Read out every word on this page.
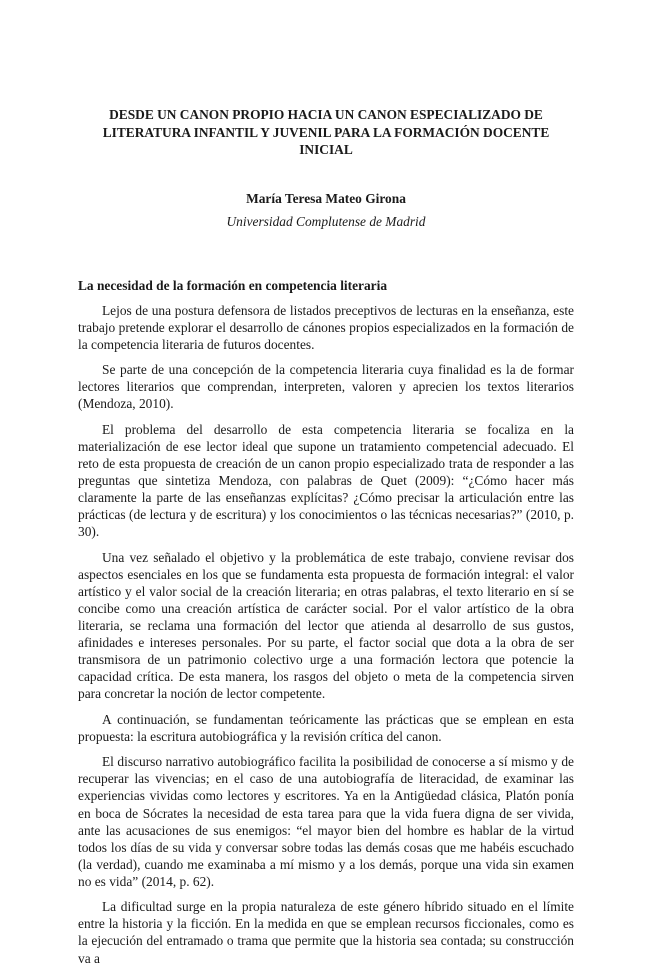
DESDE UN CANON PROPIO HACIA UN CANON ESPECIALIZADO DE
LITERATURA INFANTIL Y JUVENIL PARA LA FORMACIÓN DOCENTE
INICIAL
María Teresa Mateo Girona
Universidad Complutense de Madrid
La necesidad de la formación en competencia literaria

Lejos de una postura defensora de listados preceptivos de lecturas en la enseñanza, este trabajo pretende explorar el desarrollo de cánones propios especializados en la formación de la competencia literaria de futuros docentes.

Se parte de una concepción de la competencia literaria cuya finalidad es la de formar lectores literarios que comprendan, interpreten, valoren y aprecien los textos literarios (Mendoza, 2010).

El problema del desarrollo de esta competencia literaria se focaliza en la materialización de ese lector ideal que supone un tratamiento competencial adecuado. El reto de esta propuesta de creación de un canon propio especializado trata de responder a las preguntas que sintetiza Mendoza, con palabras de Quet (2009): “¿Cómo hacer más claramente la parte de las enseñanzas explícitas? ¿Cómo precisar la articulación entre las prácticas (de lectura y de escritura) y los conocimientos o las técnicas necesarias?” (2010, p. 30).

Una vez señalado el objetivo y la problemática de este trabajo, conviene revisar dos aspectos esenciales en los que se fundamenta esta propuesta de formación integral: el valor artístico y el valor social de la creación literaria; en otras palabras, el texto literario en sí se concibe como una creación artística de carácter social. Por el valor artístico de la obra literaria, se reclama una formación del lector que atienda al desarrollo de sus gustos, afinidades e intereses personales. Por su parte, el factor social que dota a la obra de ser transmisora de un patrimonio colectivo urge a una formación lectora que potencie la capacidad crítica. De esta manera, los rasgos del objeto o meta de la competencia sirven para concretar la noción de lector competente.

A continuación, se fundamentan teóricamente las prácticas que se emplean en esta propuesta: la escritura autobiográfica y la revisión crítica del canon.

El discurso narrativo autobiográfico facilita la posibilidad de conocerse a sí mismo y de recuperar las vivencias; en el caso de una autobiografía de literacidad, de examinar las experiencias vividas como lectores y escritores. Ya en la Antigüedad clásica, Platón ponía en boca de Sócrates la necesidad de esta tarea para que la vida fuera digna de ser vivida, ante las acusaciones de sus enemigos: “el mayor bien del hombre es hablar de la virtud todos los días de su vida y conversar sobre todas las demás cosas que me habéis escuchado (la verdad), cuando me examinaba a mí mismo y a los demás, porque una vida sin examen no es vida” (2014, p. 62).

La dificultad surge en la propia naturaleza de este género híbrido situado en el límite entre la historia y la ficción. En la medida en que se emplean recursos ficcionales, como es la ejecución del entramado o trama que permite que la historia sea contada; su construcción va a
